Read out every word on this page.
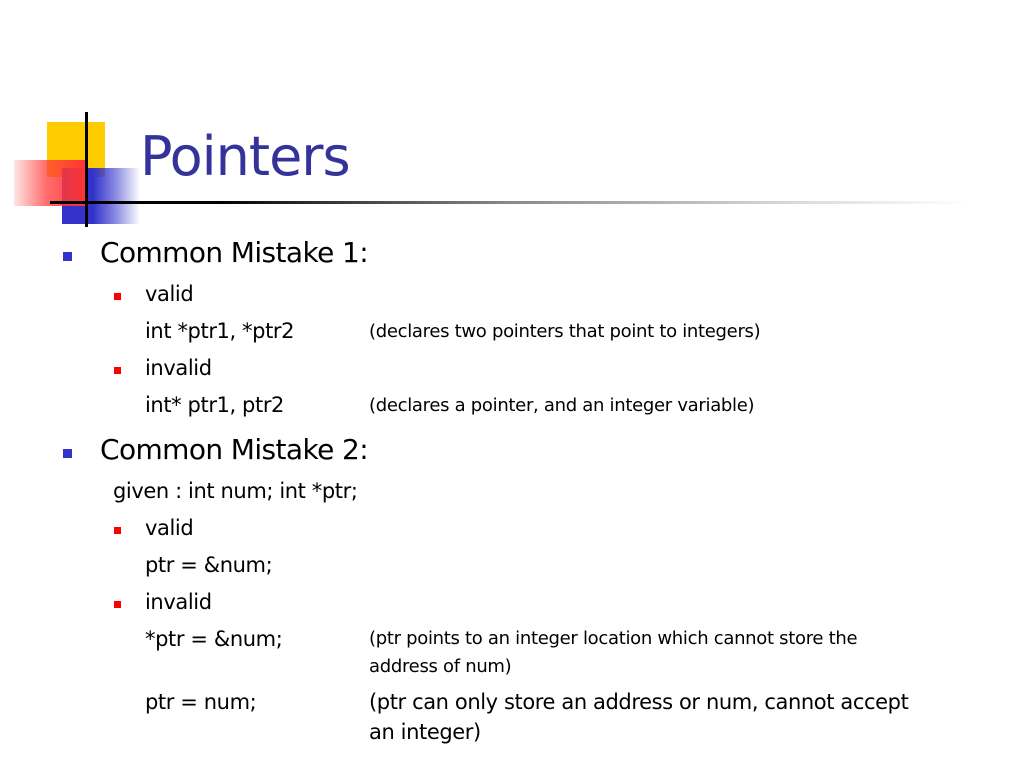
Pointers
Common Mistake 1:
valid
int *ptr1, *ptr2	(declares two pointers that point to integers)
invalid
int* ptr1, ptr2	(declares a pointer, and an integer variable)
Common Mistake 2:
given : int num; int *ptr;
valid
ptr = &num;
invalid
*ptr = &num;	(ptr points to an integer location which cannot store the
address of num)
ptr = num;	(ptr can only store an address or num, cannot accept
an integer)
